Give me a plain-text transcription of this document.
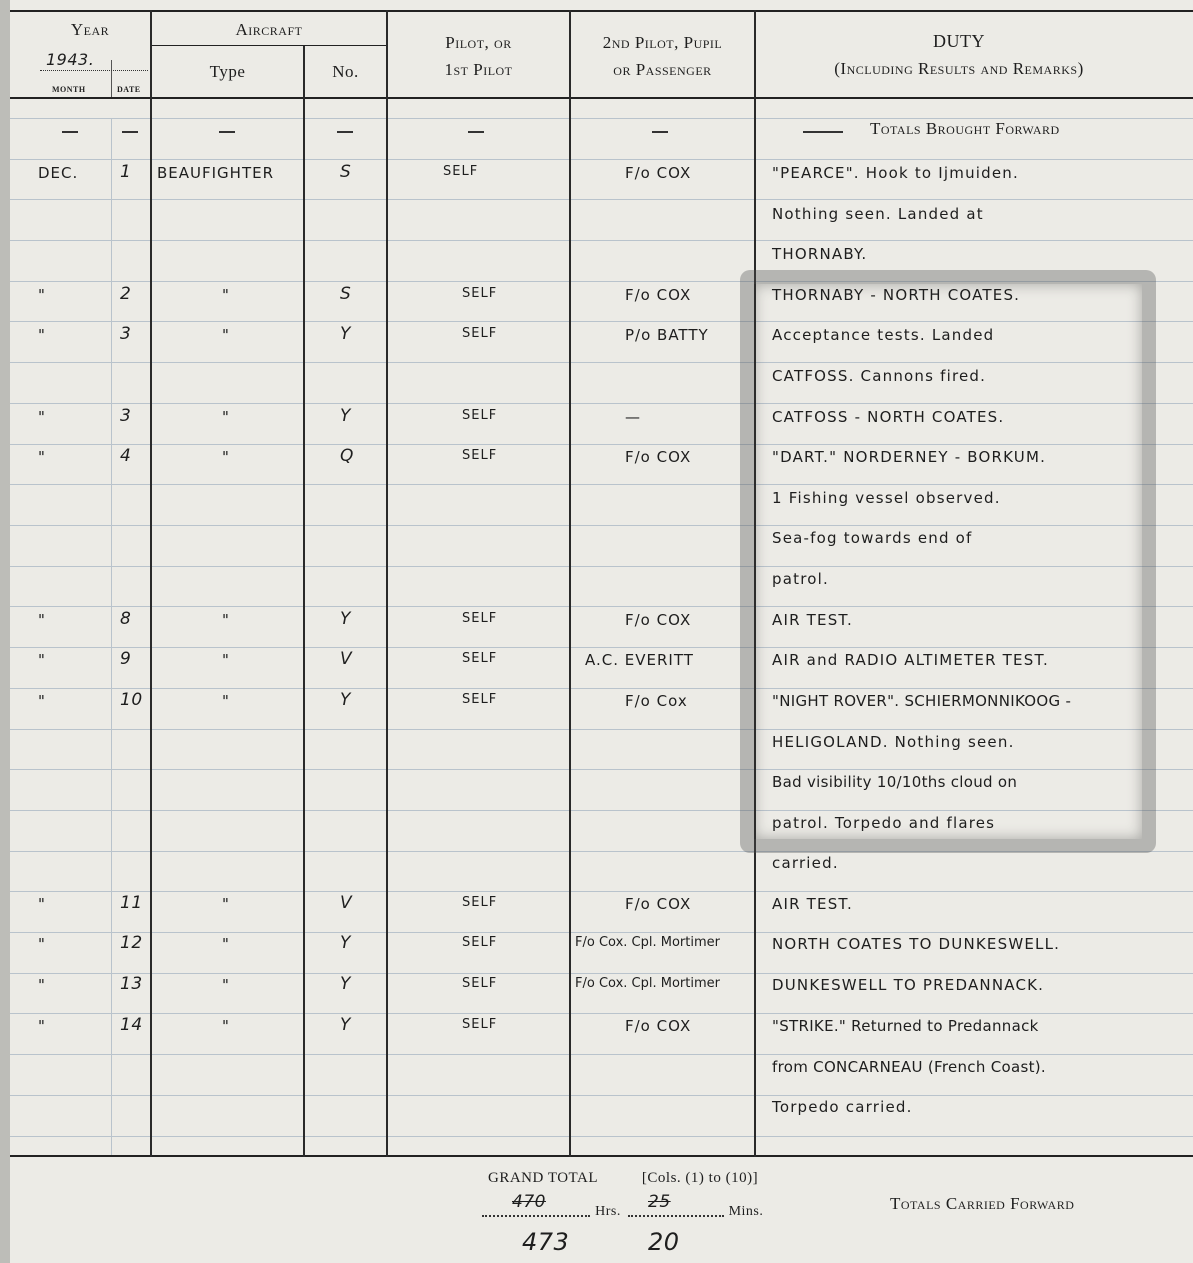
Year
1943.
MONTH	DATE
Aircraft
Type	No.
Pilot, or
1st Pilot
2nd Pilot, Pupil
or Passenger
DUTY
(Including Results and Remarks)
Totals Brought Forward
DEC. 1 BEAUFIGHTER	S	SELF	F/o COX	"PEARCE". Hook to Ijmuiden.
Nothing seen. Landed at
THORNABY.
"	2	"	S	SELF	F/o COX	THORNABY - NORTH COATES.
"	3	"	Y	SELF	P/o BATTY	Acceptance tests. Landed
CATFOSS. Cannons fired.
"	3	"	Y	SELF	—	CATFOSS - NORTH COATES.
"	4	"	Q	SELF	F/o COX	"DART." NORDERNEY - BORKUM.
1 Fishing vessel observed.
Sea-fog towards end of
patrol.
"	8	"	Y	SELF	F/o COX	AIR TEST.
"	9	"	V	SELF	A.C. EVERITT	AIR and RADIO ALTIMETER TEST.
"	10	"	Y	SELF	F/o Cox	"NIGHT ROVER". SCHIERMONNIKOOG -
HELIGOLAND. Nothing seen.
Bad visibility 10/10ths cloud on
patrol. Torpedo and flares
carried.
"	11	"	V	SELF	F/o COX	AIR TEST.
"	12	"	Y	SELF	F/o Cox. Cpl. Mortimer	NORTH COATES TO DUNKESWELL.
"	13	"	Y	SELF	F/o Cox. Cpl. Mortimer	DUNKESWELL TO PREDANNACK.
"	14	"	Y	SELF	F/o COX	"STRIKE." Returned to Predannack
from CONCARNEAU (French Coast).
Torpedo carried.
GRAND TOTAL	[Cols. (1) to (10)]
Hrs.	Mins.
470	25
473	20
Totals Carried Forward
